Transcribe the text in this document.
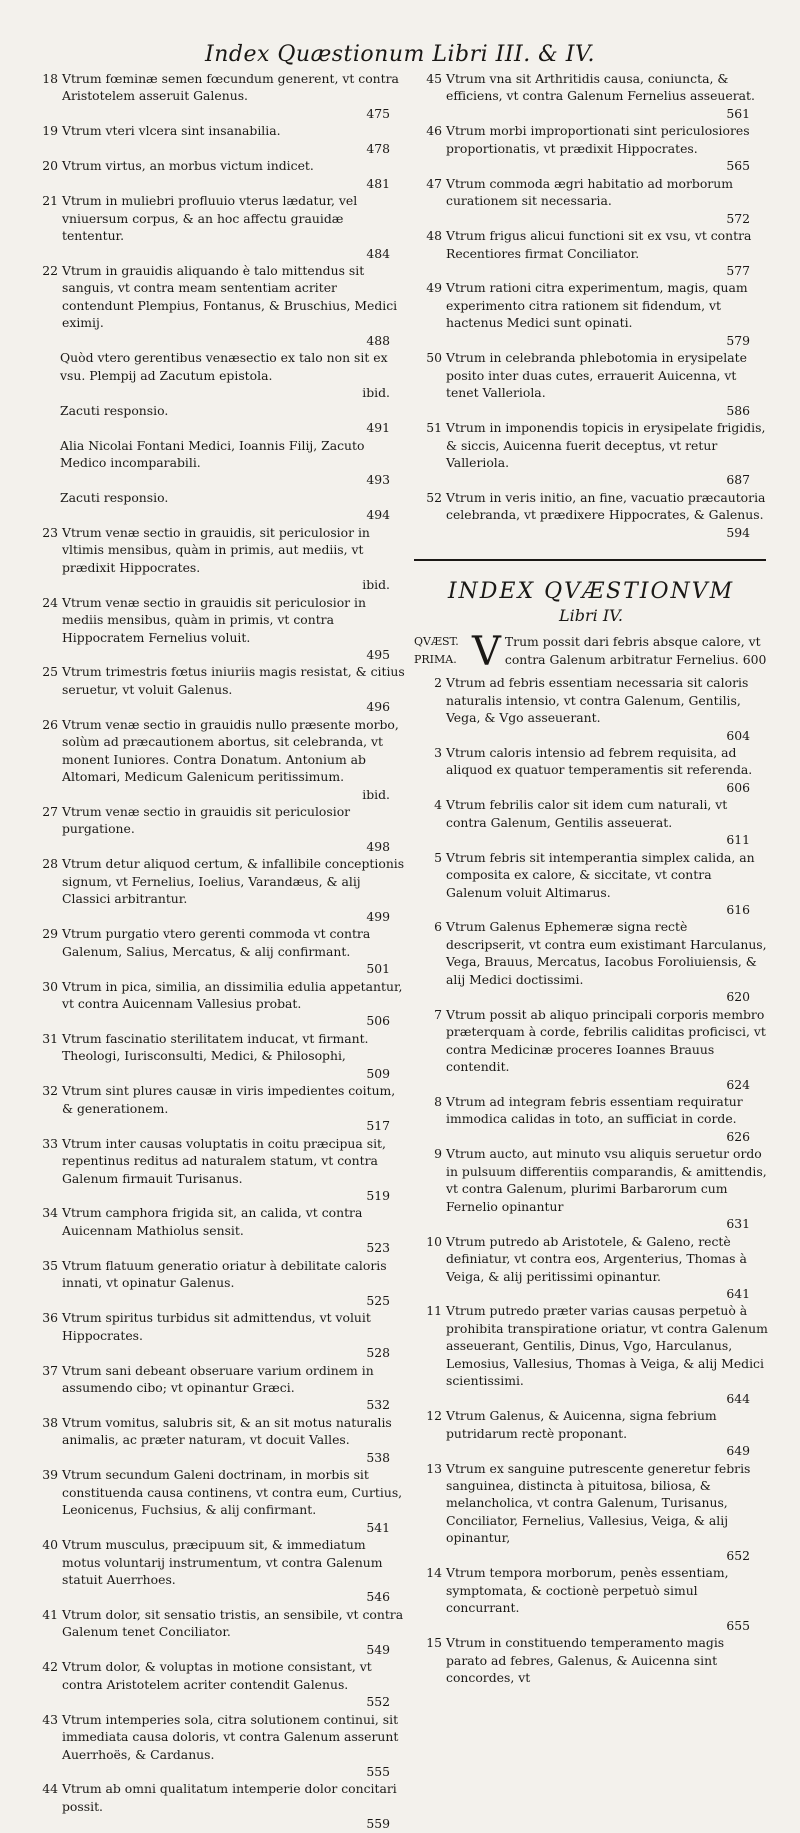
Index Quæstionum Libri III. & IV.
18 Vtrum fœminæ semen fœcundum generent, vt contra Aristotelem asseruit Galenus.
475
19 Vtrum vteri vlcera sint insanabilia.
478
20 Vtrum virtus, an morbus victum indicet.
481
21 Vtrum in muliebri profluuio vterus lædatur, vel vniuersum corpus, & an hoc affectu grauidæ tententur.
484
22 Vtrum in grauidis aliquando è talo mittendus sit sanguis, vt contra meam sententiam acriter contendunt Plempius, Fontanus, & Bruschius, Medici eximij.
488
Quòd vtero gerentibus venæsectio ex talo non sit ex vsu. Plempij ad Zacutum epistola.
ibid.
Zacuti responsio.
491
Alia Nicolai Fontani Medici, Ioannis Filij, Zacuto Medico incomparabili.
493
Zacuti responsio.
494
23 Vtrum venæ sectio in grauidis, sit periculosior in vltimis mensibus, quàm in primis, aut mediis, vt prædixit Hippocrates.
ibid.
24 Vtrum venæ sectio in grauidis sit periculosior in mediis mensibus, quàm in primis, vt contra Hippocratem Fernelius voluit.
495
25 Vtrum trimestris fœtus iniuriis magis resistat, & citius seruetur, vt voluit Galenus.
496
26 Vtrum venæ sectio in grauidis nullo præsente morbo, solùm ad præcautionem abortus, sit celebranda, vt monent Iuniores. Contra Donatum. Antonium ab Altomari, Medicum Galenicum peritissimum.
ibid.
27 Vtrum venæ sectio in grauidis sit periculosior purgatione.
498
28 Vtrum detur aliquod certum, & infallibile conceptionis signum, vt Fernelius, Ioelius, Varandæus, & alij Classici arbitrantur.
499
29 Vtrum purgatio vtero gerenti commoda vt contra Galenum, Salius, Mercatus, & alij confirmant.
501
30 Vtrum in pica, similia, an dissimilia edulia appetantur, vt contra Auicennam Vallesius probat.
506
31 Vtrum fascinatio sterilitatem inducat, vt firmant. Theologi, Iurisconsulti, Medici, & Philosophi,
509
32 Vtrum sint plures causæ in viris impedientes coitum, & generationem.
517
33 Vtrum inter causas voluptatis in coitu præcipua sit, repentinus reditus ad naturalem statum, vt contra Galenum firmauit Turisanus.
519
34 Vtrum camphora frigida sit, an calida, vt contra Auicennam Mathiolus sensit.
523
35 Vtrum flatuum generatio oriatur à debilitate caloris innati, vt opinatur Galenus.
525
36 Vtrum spiritus turbidus sit admittendus, vt voluit Hippocrates.
528
37 Vtrum sani debeant obseruare varium ordinem in assumendo cibo; vt opinantur Græci.
532
38 Vtrum vomitus, salubris sit, & an sit motus naturalis animalis, ac præter naturam, vt docuit Valles.
538
39 Vtrum secundum Galeni doctrinam, in morbis sit constituenda causa continens, vt contra eum, Curtius, Leonicenus, Fuchsius, & alij confirmant.
541
40 Vtrum musculus, præcipuum sit, & immediatum motus voluntarij instrumentum, vt contra Galenum statuit Auerrhoes.
546
41 Vtrum dolor, sit sensatio tristis, an sensibile, vt contra Galenum tenet Conciliator.
549
42 Vtrum dolor, & voluptas in motione consistant, vt contra Aristotelem acriter contendit Galenus.
552
43 Vtrum intemperies sola, citra solutionem continui, sit immediata causa doloris, vt contra Galenum asserunt Auerrhoës, & Cardanus.
555
44 Vtrum ab omni qualitatum intemperie dolor concitari possit.
559
45 Vtrum vna sit Arthritidis causa, coniuncta, & efficiens, vt contra Galenum Fernelius asseuerat.
561
46 Vtrum morbi improportionati sint periculosiores proportionatis, vt prædixit Hippocrates.
565
47 Vtrum commoda ægri habitatio ad morborum curationem sit necessaria.
572
48 Vtrum frigus alicui functioni sit ex vsu, vt contra Recentiores firmat Conciliator.
577
49 Vtrum rationi citra experimentum, magis, quam experimento citra rationem sit fidendum, vt hactenus Medici sunt opinati.
579
50 Vtrum in celebranda phlebotomia in erysipelate posito inter duas cutes, errauerit Auicenna, vt tenet Valleriola.
586
51 Vtrum in imponendis topicis in erysipelate frigidis, & siccis, Auicenna fuerit deceptus, vt retur Valleriola.
687
52 Vtrum in veris initio, an fine, vacuatio præcautoria celebranda, vt prædixere Hippocrates, & Galenus.
594
INDEX QVÆSTIONVM
Libri IV.
QVÆST.
PRIMA. V Trum possit dari febris absque calore, vt contra Galenum arbitratur Fernelius. 600
2 Vtrum ad febris essentiam necessaria sit caloris naturalis intensio, vt contra Galenum, Gentilis, Vega, & Vgo asseuerant.
604
3 Vtrum caloris intensio ad febrem requisita, ad aliquod ex quatuor temperamentis sit referenda.
606
4 Vtrum febrilis calor sit idem cum naturali, vt contra Galenum, Gentilis asseuerat.
611
5 Vtrum febris sit intemperantia simplex calida, an composita ex calore, & siccitate, vt contra Galenum voluit Altimarus.
616
6 Vtrum Galenus Ephemeræ signa rectè descripserit, vt contra eum existimant Harculanus, Vega, Brauus, Mercatus, Iacobus Foroliuiensis, & alij Medici doctissimi.
620
7 Vtrum possit ab aliquo principali corporis membro præterquam à corde, febrilis caliditas proficisci, vt contra Medicinæ proceres Ioannes Brauus contendit.
624
8 Vtrum ad integram febris essentiam requiratur immodica calidas in toto, an sufficiat in corde.
626
9 Vtrum aucto, aut minuto vsu aliquis seruetur ordo in pulsuum differentiis comparandis, & amittendis, vt contra Galenum, plurimi Barbarorum cum Fernelio opinantur
631
10 Vtrum putredo ab Aristotele, & Galeno, rectè definiatur, vt contra eos, Argenterius, Thomas à Veiga, & alij peritissimi opinantur.
641
11 Vtrum putredo præter varias causas perpetuò à prohibita transpiratione oriatur, vt contra Galenum asseuerant, Gentilis, Dinus, Vgo, Harculanus, Lemosius, Vallesius, Thomas à Veiga, & alij Medici scientissimi.
644
12 Vtrum Galenus, & Auicenna, signa febrium putridarum rectè proponant.
649
13 Vtrum ex sanguine putrescente generetur febris sanguinea, distincta à pituitosa, biliosa, & melancholica, vt contra Galenum, Turisanus, Conciliator, Fernelius, Vallesius, Veiga, & alij opinantur,
652
14 Vtrum tempora morborum, penès essentiam, symptomata, & coctionè perpetuò simul concurrant.
655
15 Vtrum in constituendo temperamento magis parato ad febres, Galenus, & Auicenna sint concordes, vt
